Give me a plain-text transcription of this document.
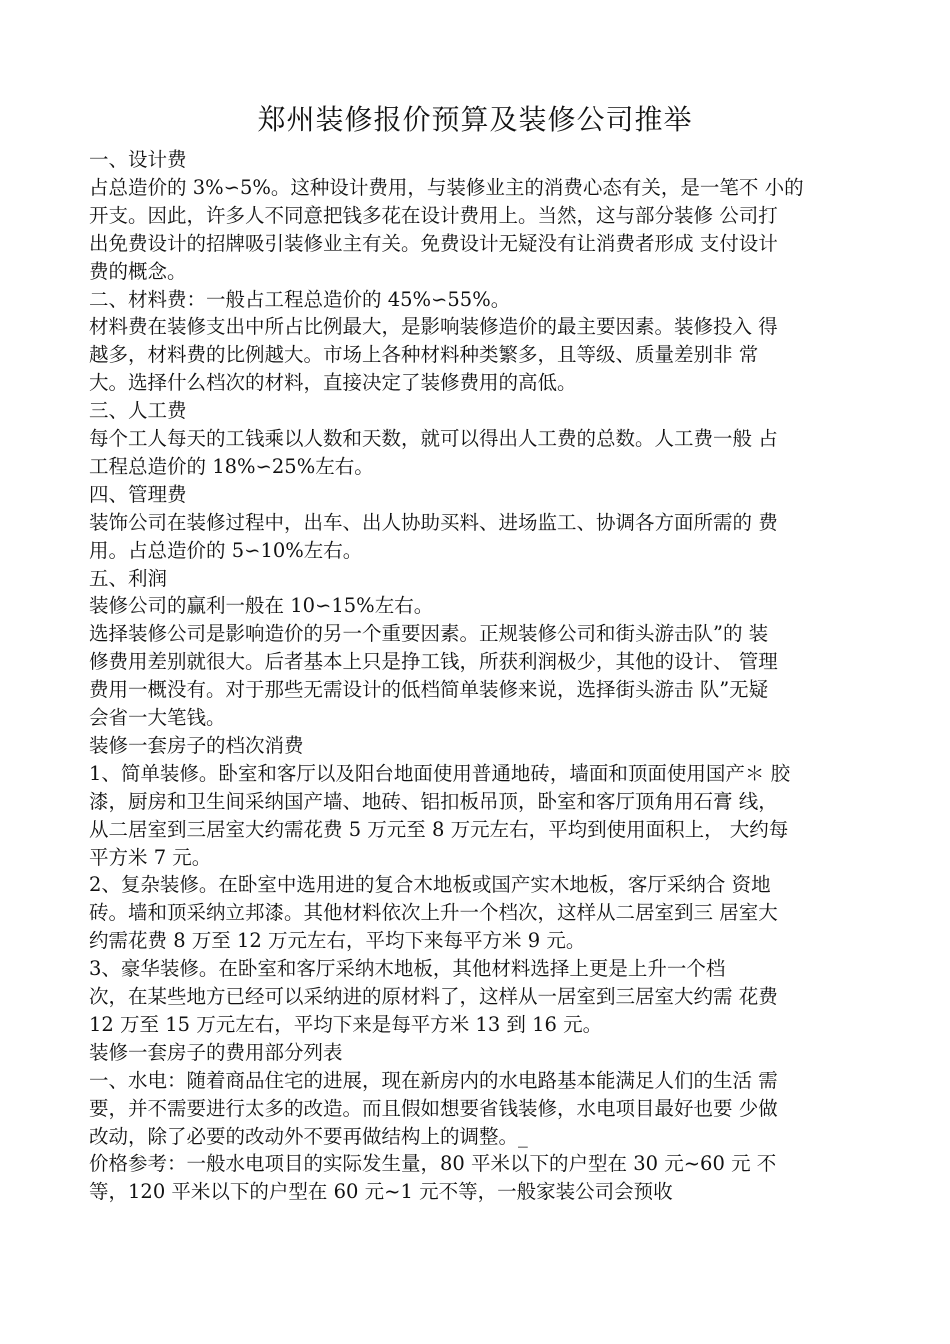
郑州装修报价预算及装修公司推举
一、设计费
占总造价的 3%∽5%。这种设计费用，与装修业主的消费心态有关，是一笔不 小的
开支。因此，许多人不同意把钱多花在设计费用上。当然，这与部分装修 公司打
出免费设计的招牌吸引装修业主有关。免费设计无疑没有让消费者形成 支付设计
费的概念。
二、材料费：一般占工程总造价的 45%∽55%。
材料费在装修支出中所占比例最大，是影响装修造价的最主要因素。装修投入 得
越多，材料费的比例越大。市场上各种材料种类繁多，且等级、质量差别非 常
大。选择什么档次的材料，直接决定了装修费用的高低。
三、人工费
每个工人每天的工钱乘以人数和天数，就可以得出人工费的总数。人工费一般 占
工程总造价的 18%∽25%左右。
四、管理费
装饰公司在装修过程中，出车、出人协助买料、进场监工、协调各方面所需的 费
用。占总造价的 5∽10%左右。
五、利润
装修公司的赢利一般在 10∽15%左右。
选择装修公司是影响造价的另一个重要因素。正规装修公司和街头游击队”的 装
修费用差别就很大。后者基本上只是挣工钱，所获利润极少，其他的设计、 管理
费用一概没有。对于那些无需设计的低档简单装修来说，选择街头游击 队”无疑
会省一大笔钱。
装修一套房子的档次消费
1、简单装修。卧室和客厅以及阳台地面使用普通地砖，墙面和顶面使用国产＊ 胶
漆，厨房和卫生间采纳国产墙、地砖、铝扣板吊顶，卧室和客厅顶角用石膏 线，
从二居室到三居室大约需花费 5 万元至 8 万元左右，平均到使用面积上， 大约每
平方米 7 元。
2、复杂装修。在卧室中选用进的复合木地板或国产实木地板，客厅采纳合 资地
砖。墙和顶采纳立邦漆。其他材料依次上升一个档次，这样从二居室到三 居室大
约需花费 8 万至 12 万元左右，平均下来每平方米 9 元。
3、豪华装修。在卧室和客厅采纳木地板，其他材料选择上更是上升一个档
次，在某些地方已经可以采纳进的原材料了，这样从一居室到三居室大约需 花费
12 万至 15 万元左右，平均下来是每平方米 13 到 16 元。
装修一套房子的费用部分列表
一、水电：随着商品住宅的进展，现在新房内的水电路基本能满足人们的生活 需
要，并不需要进行太多的改造。而且假如想要省钱装修，水电项目最好也要 少做
改动，除了必要的改动外不要再做结构上的调整。_
价格参考：一般水电项目的实际发生量，80 平米以下的户型在 30 元~60 元 不
等，120 平米以下的户型在 60 元~1 元不等，一般家装公司会预收
